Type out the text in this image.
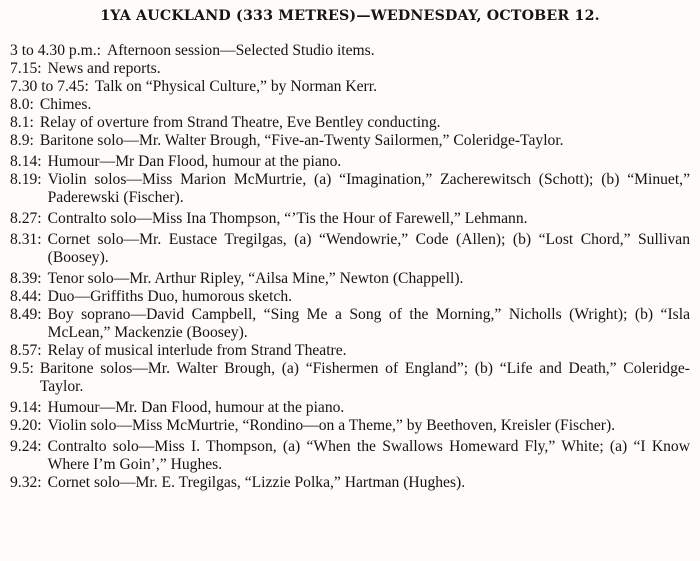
1YA AUCKLAND (333 METRES)—WEDNESDAY, OCTOBER 12.
3 to 4.30 p.m.: Afternoon session—Selected Studio items.
7.15: News and reports.
7.30 to 7.45: Talk on “Physical Culture,” by Norman Kerr.
8.0: Chimes.
8.1: Relay of overture from Strand Theatre, Eve Bentley conducting.
8.9: Baritone solo—Mr. Walter Brough, “Five-an-Twenty Sailormen,” Coleridge-Taylor.
8.14: Humour—Mr Dan Flood, humour at the piano.
8.19: Violin solos—Miss Marion McMurtrie, (a) “Imagination,” Zacherewitsch (Schott); (b) “Minuet,” Paderewski (Fischer).
8.27: Contralto solo—Miss Ina Thompson, “’Tis the Hour of Farewell,” Lehmann.
8.31: Cornet solo—Mr. Eustace Tregilgas, (a) “Wendowrie,” Code (Allen); (b) “Lost Chord,” Sullivan (Boosey).
8.39: Tenor solo—Mr. Arthur Ripley, “Ailsa Mine,” Newton (Chappell).
8.44: Duo—Griffiths Duo, humorous sketch.
8.49: Boy soprano—David Campbell, “Sing Me a Song of the Morning,” Nicholls (Wright); (b) “Isla McLean,” Mackenzie (Boosey).
8.57: Relay of musical interlude from Strand Theatre.
9.5: Baritone solos—Mr. Walter Brough, (a) “Fishermen of England”; (b) “Life and Death,” Coleridge-Taylor.
9.14: Humour—Mr. Dan Flood, humour at the piano.
9.20: Violin solo—Miss McMurtrie, “Rondino—on a Theme,” by Beethoven, Kreisler (Fischer).
9.24: Contralto solo—Miss I. Thompson, (a) “When the Swallows Homeward Fly,” White; (a) “I Know Where I’m Goin’,” Hughes.
9.32: Cornet solo—Mr. E. Tregilgas, “Lizzie Polka,” Hartman (Hughes).
